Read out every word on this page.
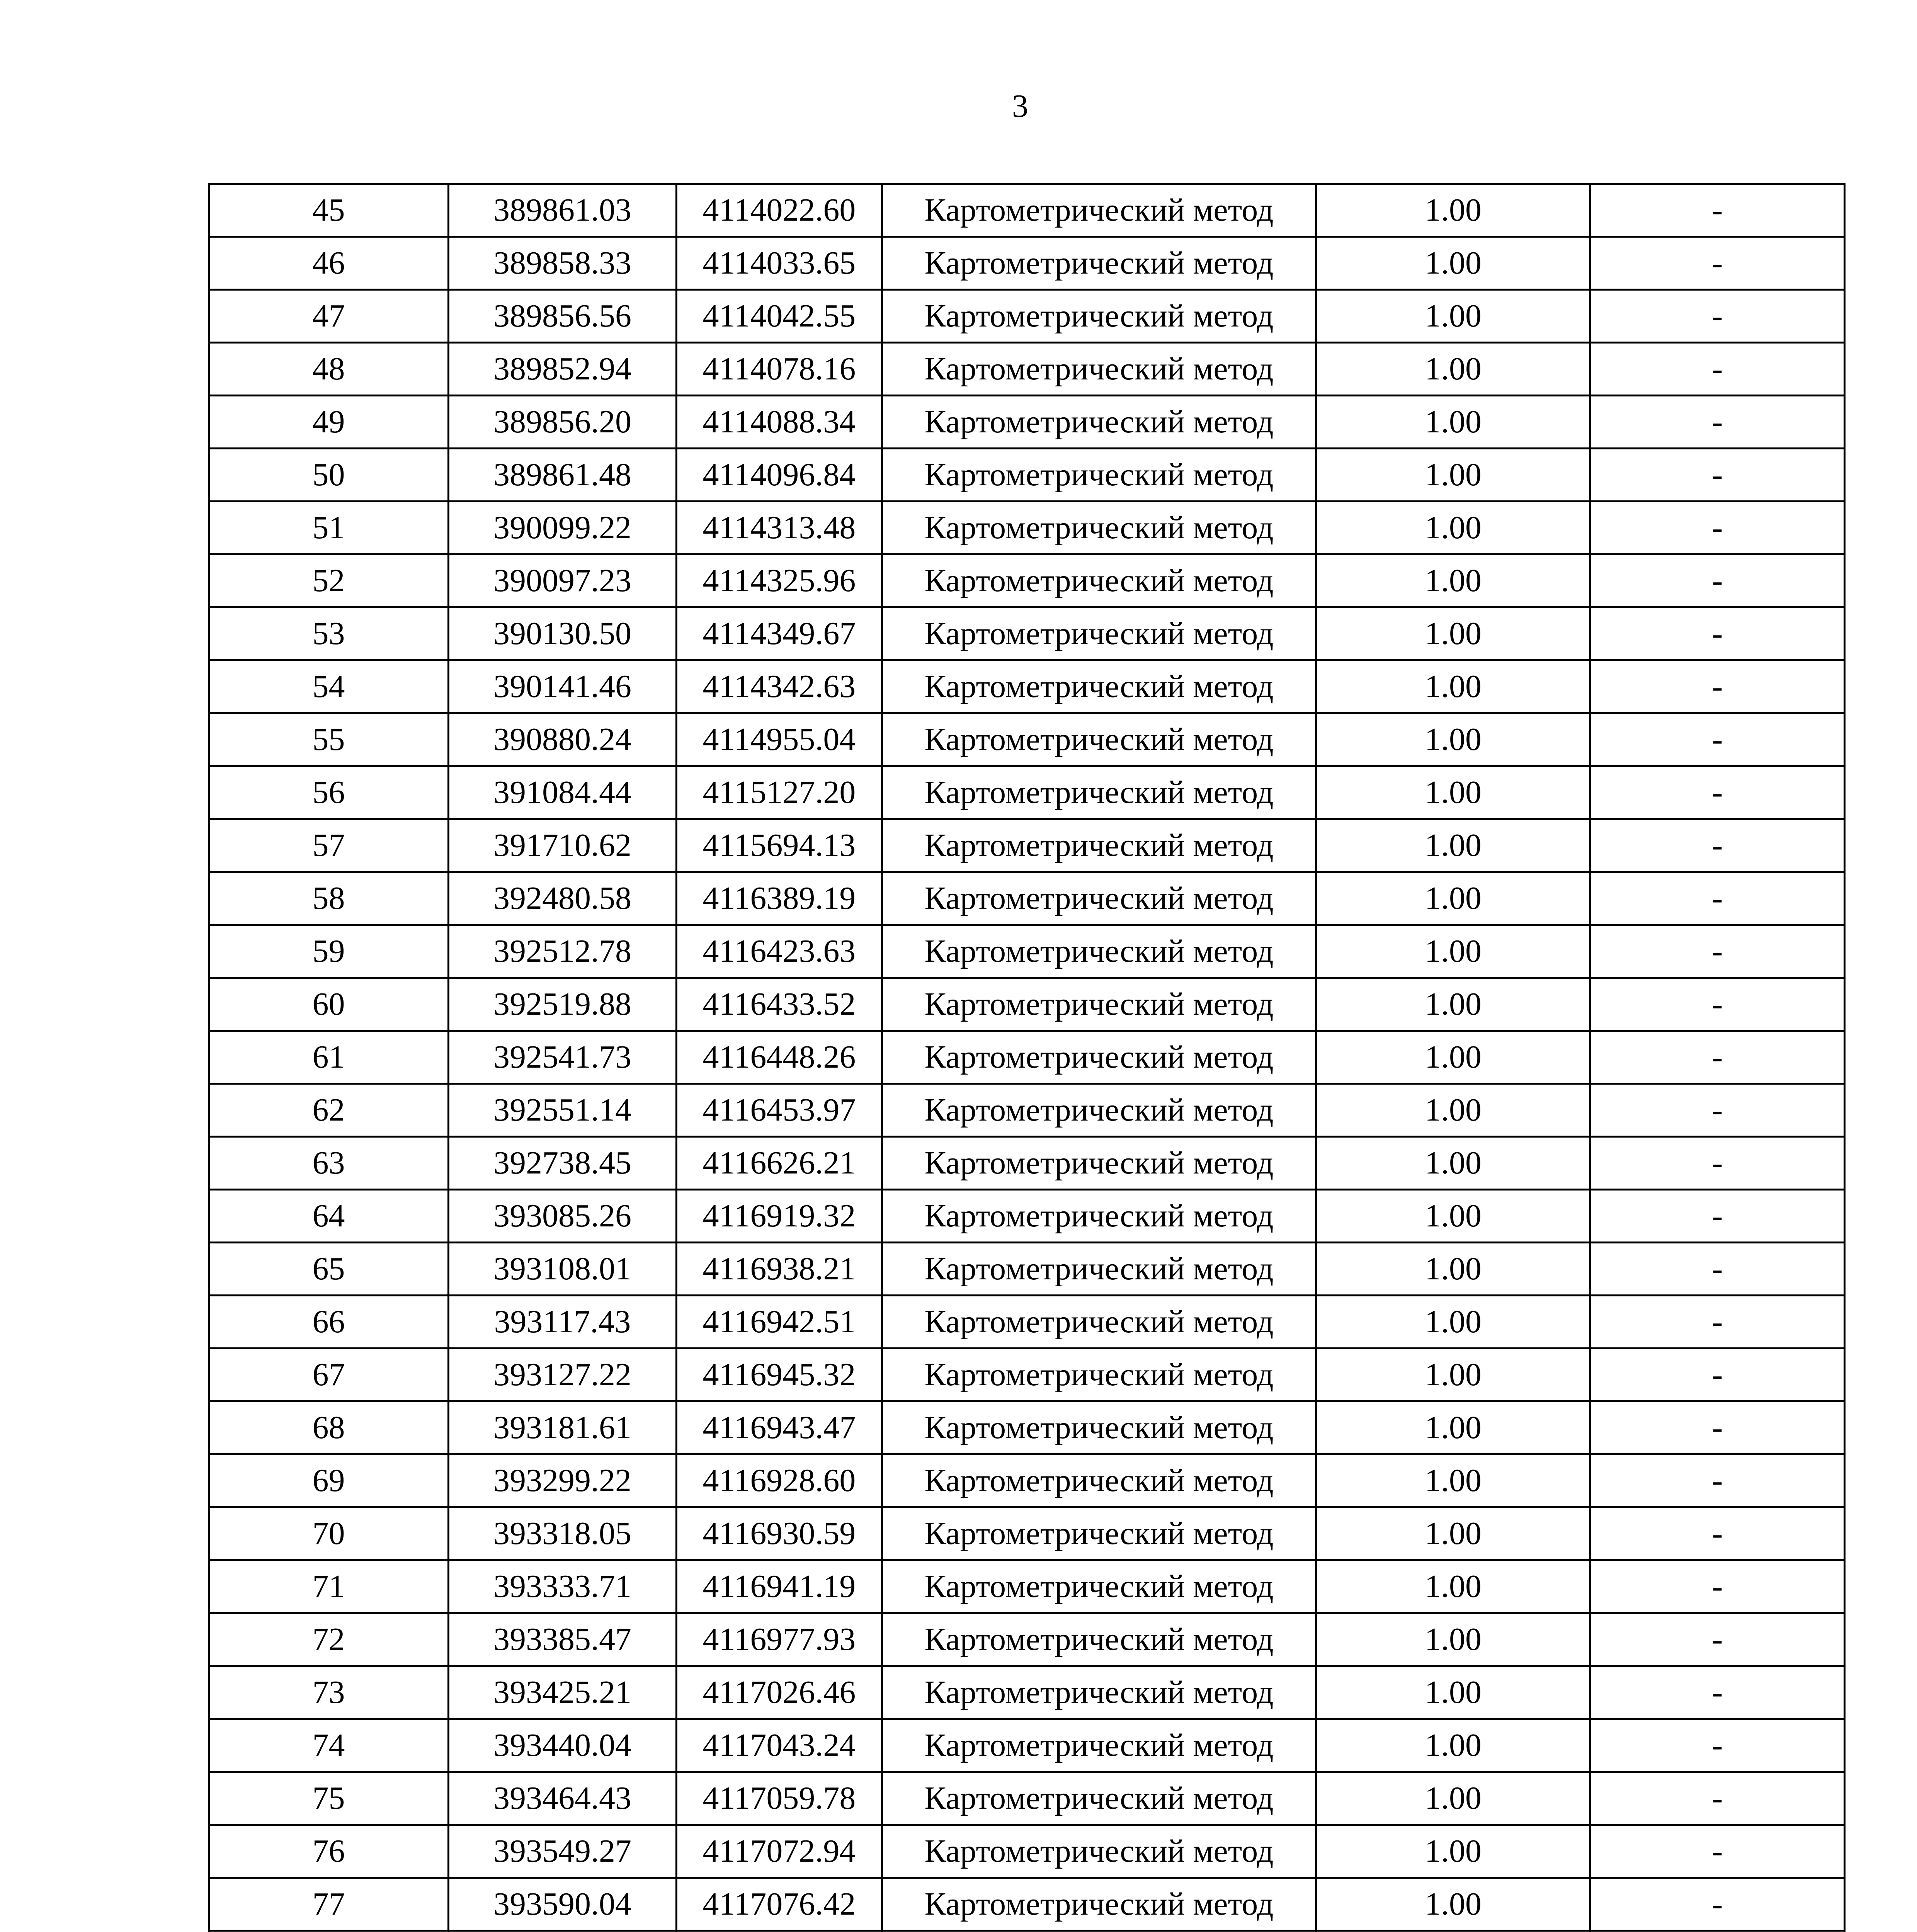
3
45	389861.03	4114022.60	Картометрический метод	1.00	-
46	389858.33	4114033.65	Картометрический метод	1.00	-
47	389856.56	4114042.55	Картометрический метод	1.00	-
48	389852.94	4114078.16	Картометрический метод	1.00	-
49	389856.20	4114088.34	Картометрический метод	1.00	-
50	389861.48	4114096.84	Картометрический метод	1.00	-
51	390099.22	4114313.48	Картометрический метод	1.00	-
52	390097.23	4114325.96	Картометрический метод	1.00	-
53	390130.50	4114349.67	Картометрический метод	1.00	-
54	390141.46	4114342.63	Картометрический метод	1.00	-
55	390880.24	4114955.04	Картометрический метод	1.00	-
56	391084.44	4115127.20	Картометрический метод	1.00	-
57	391710.62	4115694.13	Картометрический метод	1.00	-
58	392480.58	4116389.19	Картометрический метод	1.00	-
59	392512.78	4116423.63	Картометрический метод	1.00	-
60	392519.88	4116433.52	Картометрический метод	1.00	-
61	392541.73	4116448.26	Картометрический метод	1.00	-
62	392551.14	4116453.97	Картометрический метод	1.00	-
63	392738.45	4116626.21	Картометрический метод	1.00	-
64	393085.26	4116919.32	Картометрический метод	1.00	-
65	393108.01	4116938.21	Картометрический метод	1.00	-
66	393117.43	4116942.51	Картометрический метод	1.00	-
67	393127.22	4116945.32	Картометрический метод	1.00	-
68	393181.61	4116943.47	Картометрический метод	1.00	-
69	393299.22	4116928.60	Картометрический метод	1.00	-
70	393318.05	4116930.59	Картометрический метод	1.00	-
71	393333.71	4116941.19	Картометрический метод	1.00	-
72	393385.47	4116977.93	Картометрический метод	1.00	-
73	393425.21	4117026.46	Картометрический метод	1.00	-
74	393440.04	4117043.24	Картометрический метод	1.00	-
75	393464.43	4117059.78	Картометрический метод	1.00	-
76	393549.27	4117072.94	Картометрический метод	1.00	-
77	393590.04	4117076.42	Картометрический метод	1.00	-
